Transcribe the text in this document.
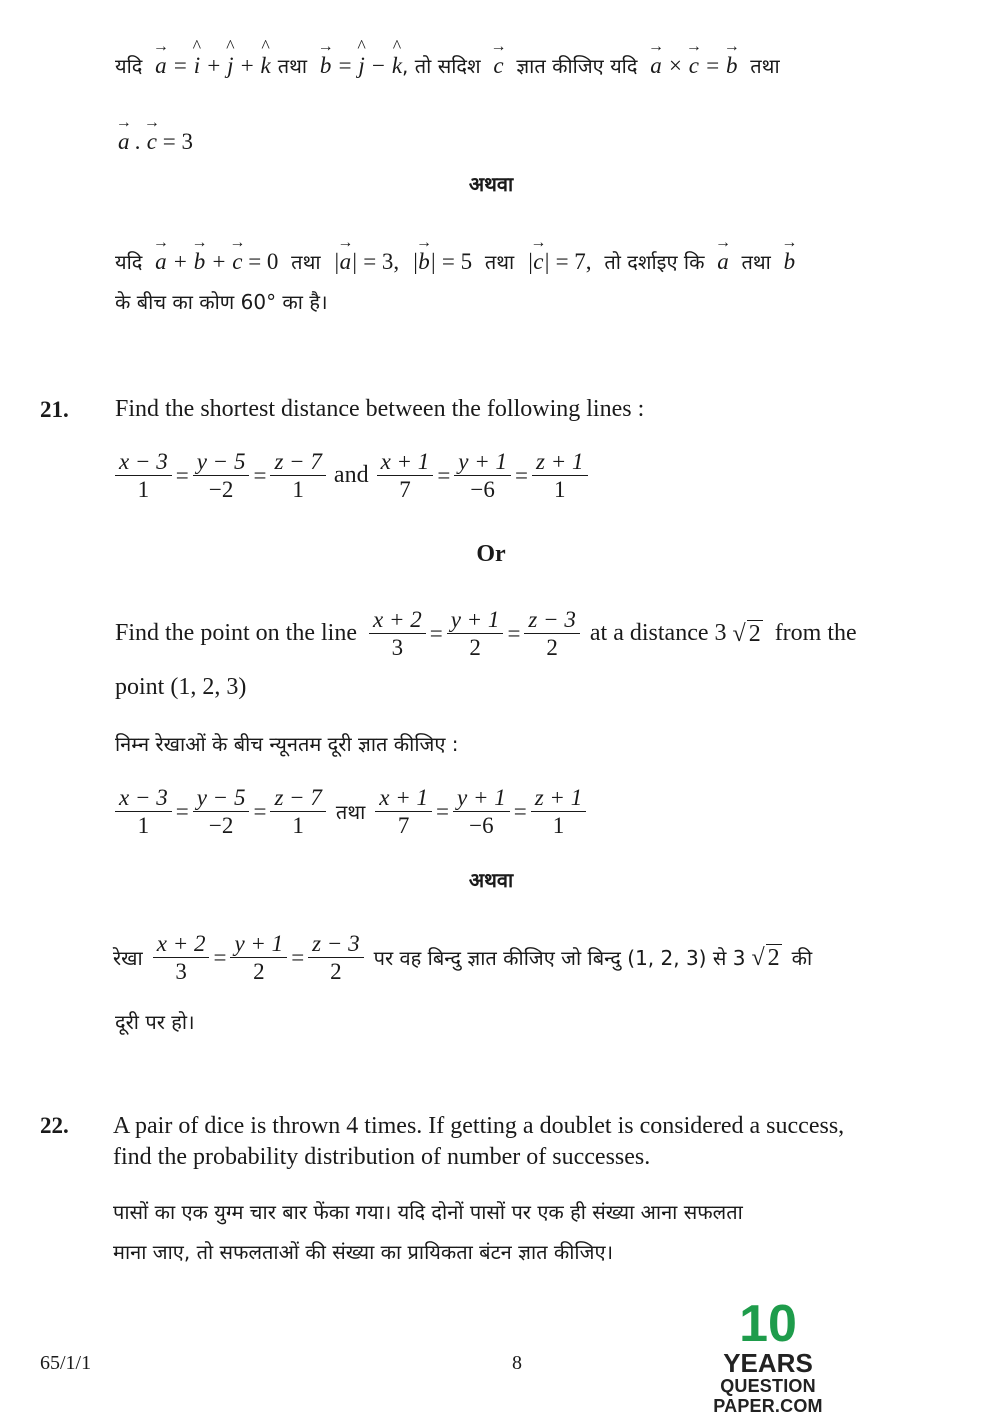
यदि → a = ^ i + ^ j + ^ k तथा → b = ^ j − ^ k, तो सदिश → c ज्ञात कीजिए यदि → a × → c = → b तथा
→ a . → c = 3
अथवा
यदि → a + → b + → c = 0 तथा  |→ a| = 3, |→ b| = 5 तथा  |→ c| = 7, तो दर्शाइए कि → a तथा → b
के बीच का कोण 60° का है।
21. Find the shortest distance between the following lines :
$\frac{x - 3}{1} = \frac{y - 5}{-2} = \frac{z - 7}{1}$ and $\frac{x + 1}{7} = \frac{y + 1}{-6} = \frac{z + 1}{1}$
Or
Find the point on the line $\frac{x + 2}{3} = \frac{y + 1}{2} = \frac{z - 3}{2}$ at a distance 3 √ 2 from the
point (1, 2, 3)
निम्न रेखाओं के बीच न्यूनतम दूरी ज्ञात कीजिए :
$\frac{x - 3}{1} = \frac{y - 5}{-2} = \frac{z - 7}{1}$ तथा $\frac{x + 1}{7} = \frac{y + 1}{-6} = \frac{z + 1}{1}$
अथवा
रेखा $\frac{x + 2}{3} = \frac{y + 1}{2} = \frac{z - 3}{2}$ पर वह बिन्दु ज्ञात कीजिए जो बिन्दु (1, 2, 3) से 3 √ 2 की
दूरी पर हो।
22. A pair of dice is thrown 4 times. If getting a doublet is considered a success,
find the probability distribution of number of successes.
पासों का एक युग्म चार बार फेंका गया। यदि दोनों पासों पर एक ही संख्या आना सफलता
माना जाए, तो सफलताओं की संख्या का प्रायिकता बंटन ज्ञात कीजिए।
65/1/1	8
10
YEARS
QUESTION PAPER.COM
